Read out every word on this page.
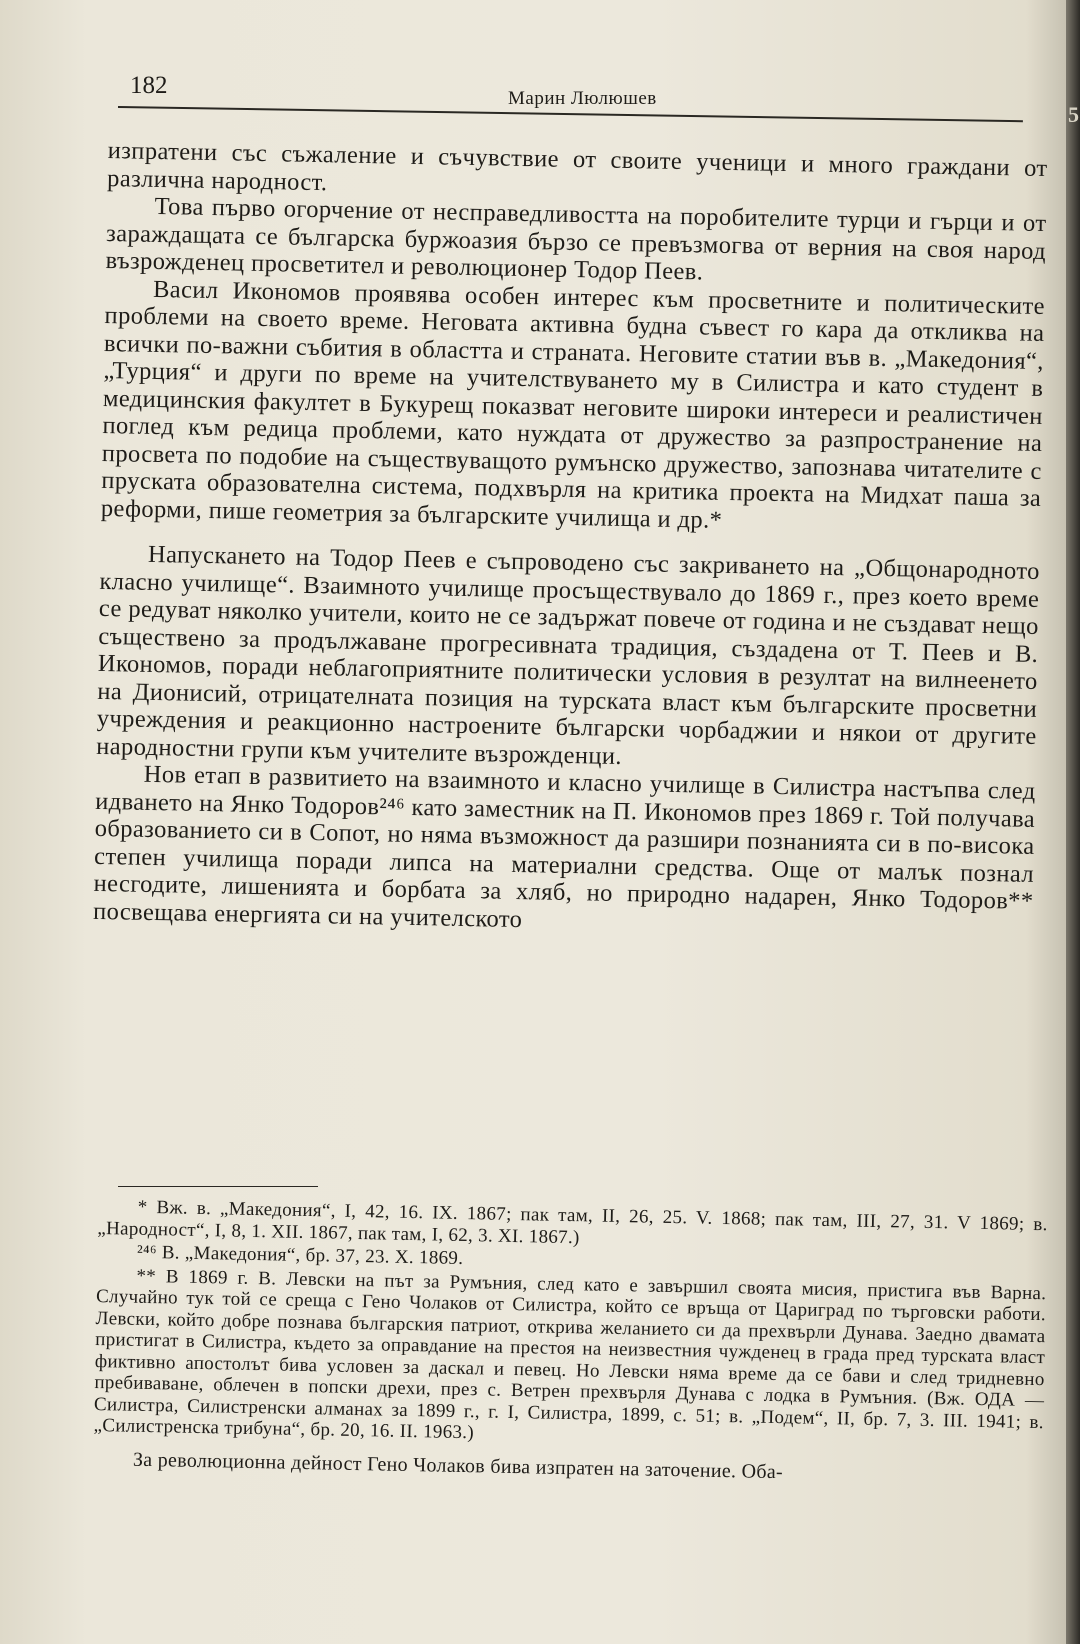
5
182	Марин Люлюшев

изпратени със съжаление и съчувствие от своите ученици и много граждани от различна народност.

Това първо огорчение от несправедливостта на поробителите турци и гърци и от зараждащата се българска буржоазия бързо се превъзмогва от верния на своя народ възрожденец просветител и революционер Тодор Пеев.

Васил Икономов проявява особен интерес към просветните и политическите проблеми на своето време. Неговата активна будна съвест го кара да откликва на всички по-важни събития в областта и страната. Неговите статии във в. „Македония“, „Турция“ и други по време на учителствуването му в Силистра и като студент в медицинския факултет в Букурещ показват неговите широки интереси и реалистичен поглед към редица проблеми, като нуждата от дружество за разпространение на просвета по подобие на съществуващото румънско дружество, запознава читателите с пруската образователна система, подхвърля на критика проекта на Мидхат паша за реформи, пише геометрия за българските училища и др.*

Напускането на Тодор Пеев е съпроводено със закриването на „Общонародното класно училище“. Взаимното училище просъществувало до 1869 г., през което време се редуват няколко учители, които не се задържат повече от година и не създават нещо съществено за продължаване прогресивната традиция, създадена от Т. Пеев и В. Икономов, поради неблагоприятните политически условия в резултат на вилнеенето на Дионисий, отрицателната позиция на турската власт към българските просветни учреждения и реакционно настроените български чорбаджии и някои от другите народностни групи към учителите възрожденци.

Нов етап в развитието на взаимното и класно училище в Силистра настъпва след идването на Янко Тодоров²⁴⁶ като заместник на П. Икономов през 1869 г. Той получава образованието си в Сопот, но няма възможност да разшири познанията си в по-висока степен училища поради липса на материални средства. Още от малък познал несгодите, лишенията и борбата за хляб, но природно надарен, Янко Тодоров** посвещава енергията си на учителското

* Вж. в. „Македония“, I, 42, 16. IX. 1867; пак там, II, 26, 25. V. 1868; пак там, III, 27, 31. V 1869; в. „Народност“, I, 8, 1. XII. 1867, пак там, I, 62, 3. XI. 1867.)

²⁴⁶ В. „Македония“, бр. 37, 23. X. 1869.

** В 1869 г. В. Левски на път за Румъния, след като е завършил своята мисия, пристига във Варна. Случайно тук той се среща с Гено Чолаков от Силистра, който се връща от Цариград по търговски работи. Левски, който добре познава българския патриот, открива желанието си да прехвърли Дунава. Заедно двамата пристигат в Силистра, където за оправдание на престоя на неизвестния чужденец в града пред турската власт фиктивно апостолът бива условен за даскал и певец. Но Левски няма време да се бави и след тридневно пребиваване, облечен в попски дрехи, през с. Ветрен прехвърля Дунава с лодка в Румъния. (Вж. ОДА — Силистра, Силистренски алманах за 1899 г., г. I, Силистра, 1899, с. 51; в. „Подем“, II, бр. 7, 3. III. 1941; в. „Силистренска трибуна“, бр. 20, 16. II. 1963.)

За революционна дейност Гено Чолаков бива изпратен на заточение. Оба-
